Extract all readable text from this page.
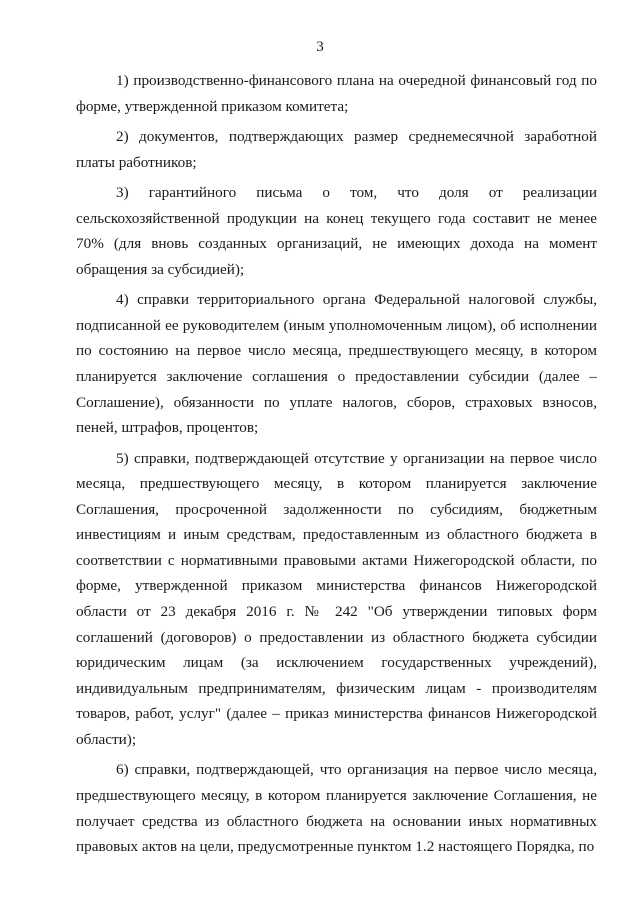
3

1) производственно-финансового плана на очередной финансовый год по форме, утвержденной приказом комитета;

2) документов, подтверждающих размер среднемесячной заработной платы работников;

3) гарантийного письма о том, что доля от реализации сельскохозяйственной продукции на конец текущего года составит не менее 70% (для вновь созданных организаций, не имеющих дохода на момент обращения за субсидией);

4) справки территориального органа Федеральной налоговой службы, подписанной ее руководителем (иным уполномоченным лицом), об исполнении по состоянию на первое число месяца, предшествующего месяцу, в котором планируется заключение соглашения о предоставлении субсидии (далее – Соглашение), обязанности по уплате налогов, сборов, страховых взносов, пеней, штрафов, процентов;

5) справки, подтверждающей отсутствие у организации на первое число месяца, предшествующего месяцу, в котором планируется заключение Соглашения, просроченной задолженности по субсидиям, бюджетным инвестициям и иным средствам, предоставленным из областного бюджета в соответствии с нормативными правовыми актами Нижегородской области, по форме, утвержденной приказом министерства финансов Нижегородской области от 23 декабря 2016 г. № 242 "Об утверждении типовых форм соглашений (договоров) о предоставлении из областного бюджета субсидии юридическим лицам (за исключением государственных учреждений), индивидуальным предпринимателям, физическим лицам - производителям товаров, работ, услуг" (далее – приказ министерства финансов Нижегородской области);

6) справки, подтверждающей, что организация на первое число месяца, предшествующего месяцу, в котором планируется заключение Соглашения, не получает средства из областного бюджета на основании иных нормативных правовых актов на цели, предусмотренные пунктом 1.2 настоящего Порядка, по
